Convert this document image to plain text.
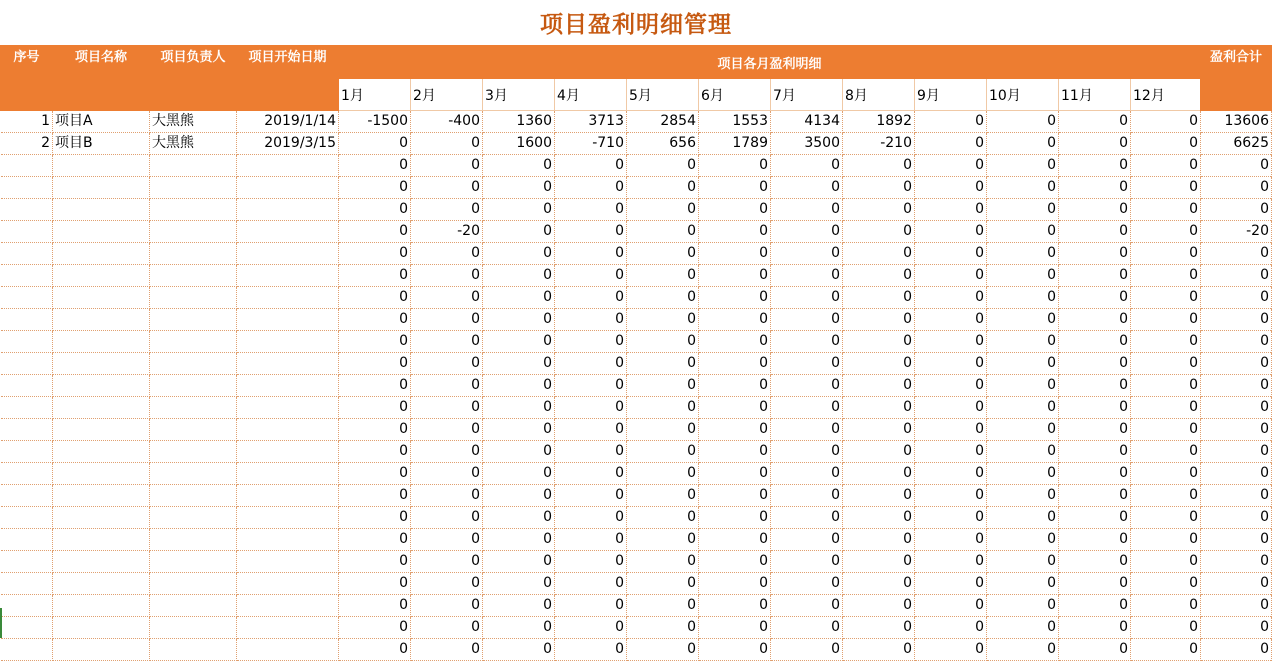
项目盈利明细管理
序号	项目名称	项目负责人	项目开始日期	项目各月盈利明细												盈利合计
				1月	2月	3月	4月	5月	6月	7月	8月	9月	10月	11月	12月	
1	项目A	大黑熊	2019/1/14	-1500	-400	1360	3713	2854	1553	4134	1892	0	0	0	0	13606
2	项目B	大黑熊	2019/3/15	0	0	1600	-710	656	1789	3500	-210	0	0	0	0	6625
				0	0	0	0	0	0	0	0	0	0	0	0	0
				0	0	0	0	0	0	0	0	0	0	0	0	0
				0	0	0	0	0	0	0	0	0	0	0	0	0
				0	-20	0	0	0	0	0	0	0	0	0	0	-20
				0	0	0	0	0	0	0	0	0	0	0	0	0
				0	0	0	0	0	0	0	0	0	0	0	0	0
				0	0	0	0	0	0	0	0	0	0	0	0	0
				0	0	0	0	0	0	0	0	0	0	0	0	0
				0	0	0	0	0	0	0	0	0	0	0	0	0
				0	0	0	0	0	0	0	0	0	0	0	0	0
				0	0	0	0	0	0	0	0	0	0	0	0	0
				0	0	0	0	0	0	0	0	0	0	0	0	0
				0	0	0	0	0	0	0	0	0	0	0	0	0
				0	0	0	0	0	0	0	0	0	0	0	0	0
				0	0	0	0	0	0	0	0	0	0	0	0	0
				0	0	0	0	0	0	0	0	0	0	0	0	0
				0	0	0	0	0	0	0	0	0	0	0	0	0
				0	0	0	0	0	0	0	0	0	0	0	0	0
				0	0	0	0	0	0	0	0	0	0	0	0	0
				0	0	0	0	0	0	0	0	0	0	0	0	0
				0	0	0	0	0	0	0	0	0	0	0	0	0
				0	0	0	0	0	0	0	0	0	0	0	0	0
				0	0	0	0	0	0	0	0	0	0	0	0	0
